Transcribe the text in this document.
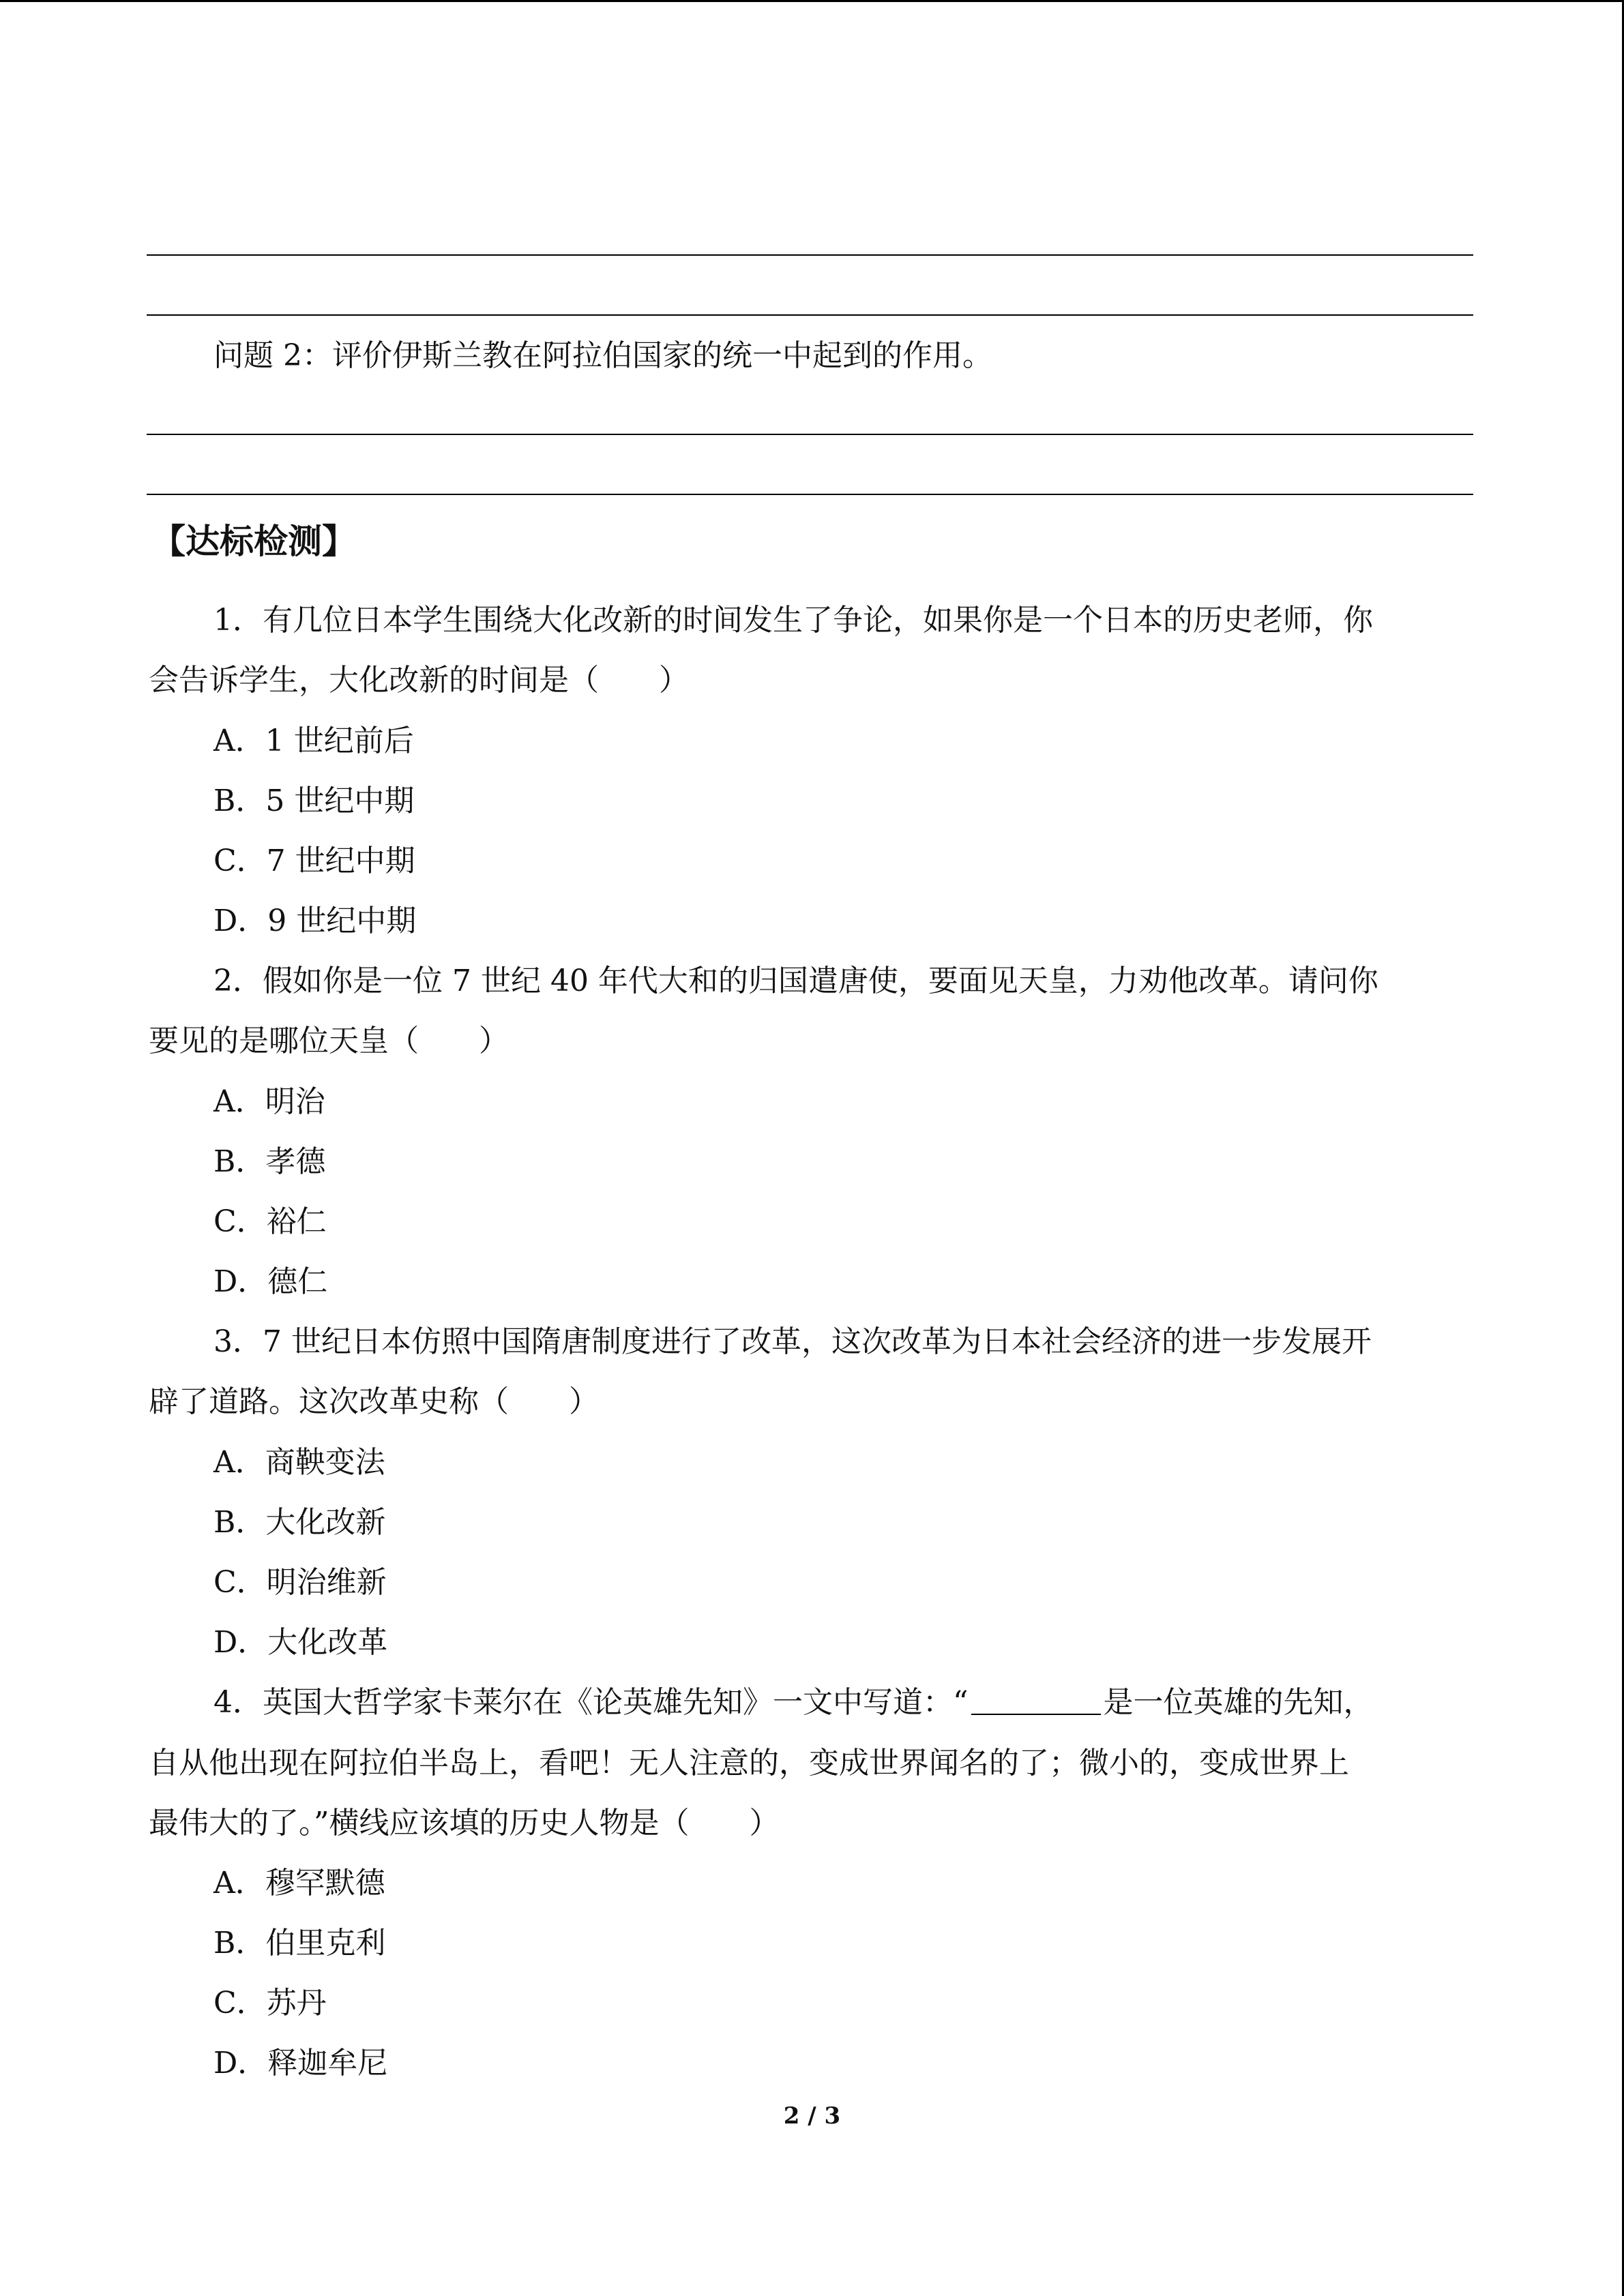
问题 2：评价伊斯兰教在阿拉伯国家的统一中起到的作用。
【达标检测】
1．有几位日本学生围绕大化改新的时间发生了争论，如果你是一个日本的历史老师，你
会告诉学生，大化改新的时间是（　　）
A．1 世纪前后
B．5 世纪中期
C．7 世纪中期
D．9 世纪中期
2．假如你是一位 7 世纪 40 年代大和的归国遣唐使，要面见天皇，力劝他改革。请问你
要见的是哪位天皇（　　）
A．明治
B．孝德
C．裕仁
D．德仁
3．7 世纪日本仿照中国隋唐制度进行了改革，这次改革为日本社会经济的进一步发展开
辟了道路。这次改革史称（　　）
A．商鞅变法
B．大化改新
C．明治维新
D．大化改革
4．英国大哲学家卡莱尔在《论英雄先知》一文中写道：“	是一位英雄的先知，
自从他出现在阿拉伯半岛上，看吧！无人注意的，变成世界闻名的了；微小的，变成世界上
最伟大的了。”横线应该填的历史人物是（　　）
A．穆罕默德
B．伯里克利
C．苏丹
D．释迦牟尼
2 / 3
